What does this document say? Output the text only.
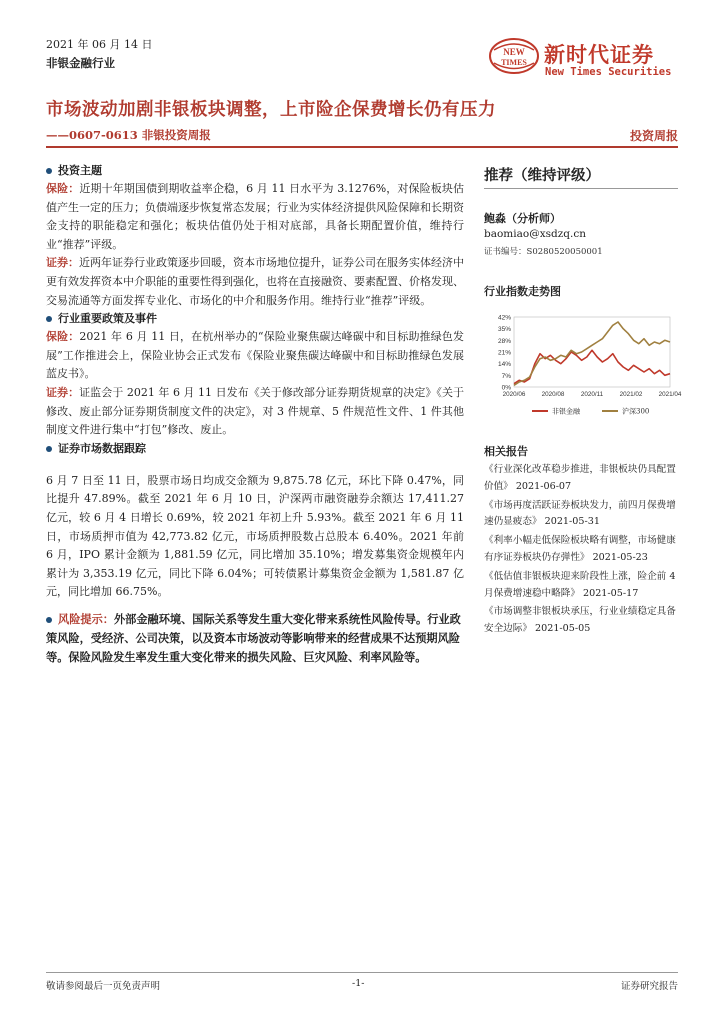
2021 年 06 月 14 日
非银金融行业
NEW
TIMES 新时代证券
New Times Securities
市场波动加剧非银板块调整，上市险企保费增长仍有压力
——0607-0613 非银投资周报	投资周报
投资主题

保险：近期十年期国债到期收益率企稳，6 月 11 日水平为 3.1276%，对保险板块估值产生一定的压力；负债端逐步恢复常态发展；行业为实体经济提供风险保障和长期资金支持的职能稳定和强化；板块估值仍处于相对底部，具备长期配置价值，维持行业“推荐”评级。

证券：近两年证券行业政策逐步回暖，资本市场地位提升，证券公司在服务实体经济中更有效发挥资本中介职能的重要性得到强化，也将在直接融资、要素配置、价格发现、交易流通等方面发挥专业化、市场化的中介和服务作用。维持行业“推荐”评级。

行业重要政策及事件

保险：2021 年 6 月 11 日，在杭州举办的“保险业聚焦碳达峰碳中和目标助推绿色发展”工作推进会上，保险业协会正式发布《保险业聚焦碳达峰碳中和目标助推绿色发展蓝皮书》。

证券：证监会于 2021 年 6 月 11 日发布《关于修改部分证券期货规章的决定》《关于修改、废止部分证券期货制度文件的决定》，对 3 件规章、5 件规范性文件、1 件其他制度文件进行集中“打包”修改、废止。

证券市场数据跟踪

6 月 7 日至 11 日，股票市场日均成交金额为 9,875.78 亿元，环比下降 0.47%，同比提升 47.89%。截至 2021 年 6 月 10 日，沪深两市融资融券余额达 17,411.27 亿元，较 6 月 4 日增长 0.69%，较 2021 年初上升 5.93%。截至 2021 年 6 月 11 日，市场质押市值为 42,773.82 亿元，市场质押股数占总股本 6.40%。2021 年前 6 月，IPO 累计金额为 1,881.59 亿元，同比增加 35.10%；增发募集资金规模年内累计为 3,353.19 亿元，同比下降 6.04%；可转债累计募集资金金额为 1,581.87 亿元，同比增加 66.75%。

风险提示：外部金融环境、国际关系等发生重大变化带来系统性风险传导。行业政策风险，受经济、公司决策，以及资本市场波动等影响带来的经营成果不达预期风险等。保险风险发生率发生重大变化带来的损失风险、巨灾风险、利率风险等。

推荐（维持评级）
鲍淼（分析师）
baomiao@xsdzq.cn
证书编号：S0280520050001
行业指数走势图
42%
35%
28%
21%
14%
7%
0%
2020/06	2020/08	2020/11	2021/02	2021/04
非银金融	沪深300
相关报告
《行业深化改革稳步推进，非银板块仍具配置价值》 2021-06-07
《市场再度活跃证券板块发力，前四月保费增速仍显疲态》 2021-05-31
《利率小幅走低保险板块略有调整，市场健康有序证券板块仍存弹性》 2021-05-23
《低估值非银板块迎来阶段性上涨，险企前 4 月保费增速稳中略降》 2021-05-17
《市场调整非银板块承压，行业业绩稳定具备安全边际》 2021-05-05
敬请参阅最后一页免责声明	-1-	证券研究报告
